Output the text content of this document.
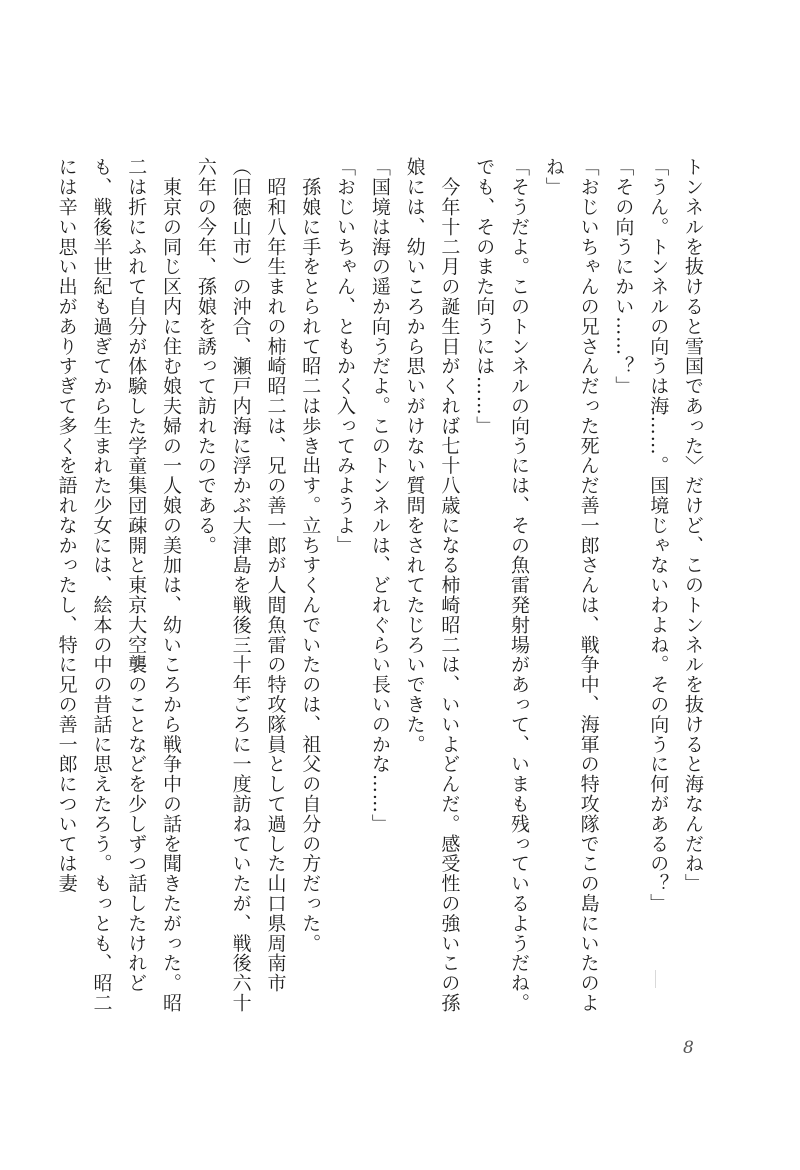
トンネルを抜けると雪国であった〉だけど、このトンネルを抜けると海なんだね」

「うん。トンネルの向うは海……。国境じゃないわよね。その向うに何があるの？」

「その向うにかい……？」

「おじいちゃんの兄さんだった死んだ善一郎さんは、戦争中、海軍の特攻隊でこの島にいたのよね」

「そうだよ。このトンネルの向うには、その魚雷発射場があって、いまも残っているようだね。でも、そのまた向うには……」

　今年十二月の誕生日がくれば七十八歳になる柿崎昭二は、いいよどんだ。感受性の強いこの孫娘には、幼いころから思いがけない質問をされてたじろいできた。

「国境は海の遥か向うだよ。このトンネルは、どれぐらい長いのかな……」

「おじいちゃん、ともかく入ってみようよ」

　孫娘に手をとられて昭二は歩き出す。立ちすくんでいたのは、祖父の自分の方だった。

　昭和八年生まれの柿崎昭二は、兄の善一郎が人間魚雷の特攻隊員として過した山口県周南市（旧徳山市）の沖合、瀬戸内海に浮かぶ大津島を戦後三十年ごろに一度訪ねていたが、戦後六十六年の今年、孫娘を誘って訪れたのである。

　東京の同じ区内に住む娘夫婦の一人娘の美加は、幼いころから戦争中の話を聞きたがった。昭二は折にふれて自分が体験した学童集団疎開と東京大空襲のことなどを少しずつ話したけれども、戦後半世紀も過ぎてから生まれた少女には、絵本の中の昔話に思えたろう。もっとも、昭二には辛い思い出がありすぎて多くを語れなかったし、特に兄の善一郎については妻

8
